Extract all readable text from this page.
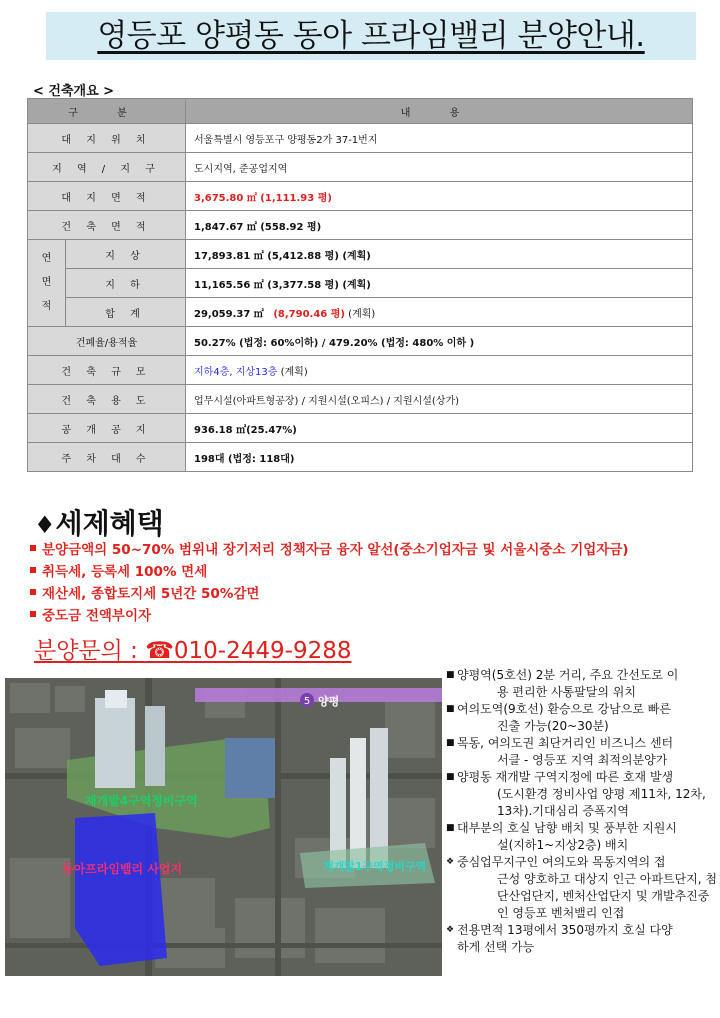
영등포 양평동 동아 프라임밸리 분양안내.
< 건축개요 >
구 분		내 용
대 지 위 치		서울특별시 영등포구 양평동2가 37-1번지
지 역 / 지 구		도시지역, 준공업지역
대 지 면 적		3,675.80 ㎡ (1,111.93 평)
건 축 면 적		1,847.67 ㎡ (558.92 평)
연 면 적	지 상	17,893.81 ㎡ (5,412.88 평) (계획)
	지 하	11,165.56 ㎡ (3,377.58 평) (계획)
	합 계	29,059.37 ㎡ (8,790.46 평) (계획)
건폐율/용적율		50.27% (법정: 60%이하) / 479.20% (법정: 480% 이하 )
건 축 규 모		지하4층, 지상13층 (계획)
건 축 용 도		업무시설(아파트형공장) / 지원시설(오피스) / 지원시설(상가)
공 개 공 지		936.18 ㎡(25.47%)
주 차 대 수		198대 (법정: 118대)
♦세제혜택
분양금액의 50~70% 범위내 장기저리 정책자금 융자 알선(중소기업자금 및 서울시중소 기업자금)
취득세, 등록세 100% 면세
재산세, 종합토지세 5년간 50%감면
중도금 전액부이자
분양문의 : ☎010-2449-9288
5 양평
재개발4구역정비구역
동아프라임밸리 사업지	재개발1구역정비구역
■ 양평역(5호선) 2분 거리, 주요 간선도로 이
용 편리한 사통팔달의 위치
■ 여의도역(9호선) 환승으로 강남으로 빠른
진출 가능(20~30분)
■ 목동, 여의도권 최단거리인 비즈니스 센터
서클 - 영등포 지역 최적의분양가
■ 양평동 재개발 구역지정에 따른 호재 발생
(도시환경 정비사업 양평 제11차, 12차, 13차).기대심리 증폭지역
■ 대부분의 호실 남향 배치 및 풍부한 지원시
설(지하1~지상2층) 배치
❖ 중심업무지구인 여의도와 목동지역의 접
근성 양호하고 대상지 인근 아파트단지, 첨단산업단지, 벤처산업단지 및 개발추진중인 영등포 벤처밸리 인접
❖ 전용면적 13평에서 350평까지 호실 다양
하게 선택 가능
